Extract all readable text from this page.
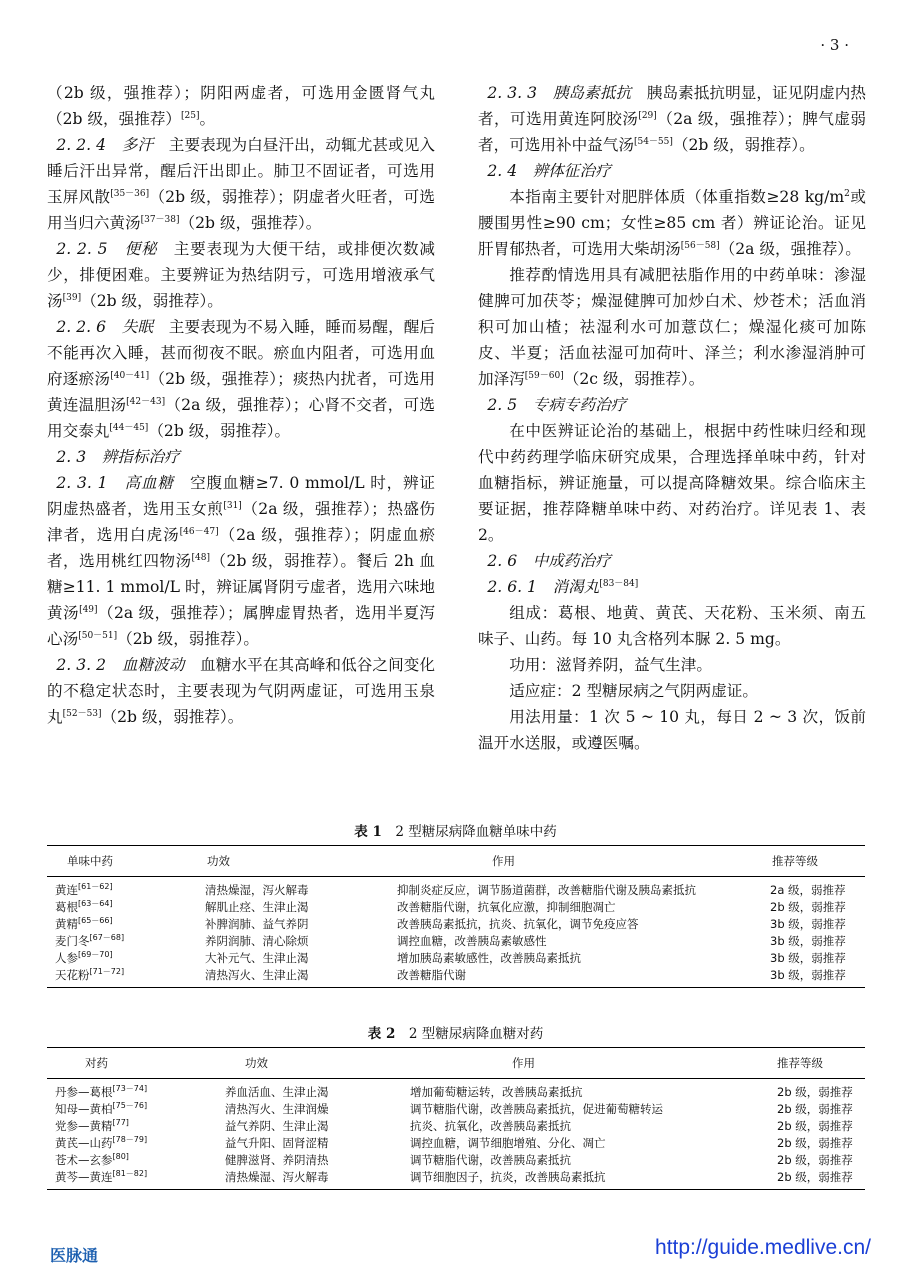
· 3 ·

（2b 级，强推荐）；阴阳两虚者，可选用金匮肾气丸（2b 级，强推荐）[25]。

2. 2. 4　多汗　主要表现为白昼汗出，动辄尤甚或见入睡后汗出异常，醒后汗出即止。肺卫不固证者，可选用玉屏风散[35－36]（2b 级，弱推荐）；阴虚者火旺者，可选用当归六黄汤[37－38]（2b 级，强推荐）。

2. 2. 5　便秘　主要表现为大便干结，或排便次数减少，排便困难。主要辨证为热结阴亏，可选用增液承气汤[39]（2b 级，弱推荐）。

2. 2. 6　失眠　主要表现为不易入睡，睡而易醒，醒后不能再次入睡，甚而彻夜不眠。瘀血内阻者，可选用血府逐瘀汤[40－41]（2b 级，强推荐）；痰热内扰者，可选用黄连温胆汤[42－43]（2a 级，强推荐）；心肾不交者，可选用交泰丸[44－45]（2b 级，弱推荐）。

2. 3　辨指标治疗

2. 3. 1　高血糖　空腹血糖≥7. 0 mmol/L 时，辨证阴虚热盛者，选用玉女煎[31]（2a 级，强推荐）；热盛伤津者，选用白虎汤[46－47]（2a 级，强推荐）；阴虚血瘀者，选用桃红四物汤[48]（2b 级，弱推荐）。餐后 2h 血糖≥11. 1 mmol/L 时，辨证属肾阴亏虚者，选用六味地黄汤[49]（2a 级，强推荐）；属脾虚胃热者，选用半夏泻心汤[50－51]（2b 级，弱推荐）。

2. 3. 2　血糖波动　血糖水平在其高峰和低谷之间变化的不稳定状态时，主要表现为气阴两虚证，可选用玉泉丸[52－53]（2b 级，弱推荐）。

2. 3. 3　胰岛素抵抗　胰岛素抵抗明显，证见阴虚内热者，可选用黄连阿胶汤[29]（2a 级，强推荐）；脾气虚弱者，可选用补中益气汤[54－55]（2b 级，弱推荐）。

2. 4　辨体征治疗

本指南主要针对肥胖体质（体重指数≥28 $kg/m^2$或腰围男性≥90 cm；女性≥85 cm 者）辨证论治。证见肝胃郁热者，可选用大柴胡汤[56－58]（2a 级，强推荐）。

推荐酌情选用具有减肥祛脂作用的中药单味：渗湿健脾可加茯苓；燥湿健脾可加炒白术、炒苍术；活血消积可加山楂；祛湿利水可加薏苡仁；燥湿化痰可加陈皮、半夏；活血祛湿可加荷叶、泽兰；利水渗湿消肿可加泽泻[59－60]（2c 级，弱推荐）。

2. 5　专病专药治疗

在中医辨证论治的基础上，根据中药性味归经和现代中药药理学临床研究成果，合理选择单味中药，针对血糖指标，辨证施量，可以提高降糖效果。综合临床主要证据，推荐降糖单味中药、对药治疗。详见表 1、表 2。

2. 6　中成药治疗

2. 6. 1　消渴丸[83－84]

组成：葛根、地黄、黄芪、天花粉、玉米须、南五味子、山药。每 10 丸含格列本脲 2. 5 mg。

功用：滋肾养阴，益气生津。

适应症：2 型糖尿病之气阴两虚证。

用法用量：1 次 5 ~ 10 丸，每日 2 ~ 3 次，饭前温开水送服，或遵医嘱。

表 1　2 型糖尿病降血糖单味中药
单味中药	功效	作用	推荐等级
黄连[61－62]	清热燥湿，泻火解毒	抑制炎症反应，调节肠道菌群，改善糖脂代谢及胰岛素抵抗	2a 级，弱推荐
葛根[63－64]	解肌止痉、生津止渴	改善糖脂代谢，抗氧化应激，抑制细胞凋亡	2b 级，弱推荐
黄精[65－66]	补脾润肺、益气养阴	改善胰岛素抵抗，抗炎、抗氧化，调节免疫应答	3b 级，弱推荐
麦门冬[67－68]	养阴润肺、清心除烦	调控血糖，改善胰岛素敏感性	3b 级，弱推荐
人参[69－70]	大补元气、生津止渴	增加胰岛素敏感性，改善胰岛素抵抗	3b 级，弱推荐
天花粉[71－72]	清热泻火、生津止渴	改善糖脂代谢	3b 级，弱推荐
表 2　2 型糖尿病降血糖对药
对药	功效	作用	推荐等级
丹参—葛根[73－74]	养血活血、生津止渴	增加葡萄糖运转，改善胰岛素抵抗	2b 级，弱推荐
知母—黄柏[75－76]	清热泻火、生津润燥	调节糖脂代谢，改善胰岛素抵抗，促进葡萄糖转运	2b 级，弱推荐
党参—黄精[77]	益气养阴、生津止渴	抗炎、抗氧化，改善胰岛素抵抗	2b 级，弱推荐
黄芪—山药[78－79]	益气升阳、固肾涩精	调控血糖，调节细胞增殖、分化、凋亡	2b 级，弱推荐
苍术—玄参[80]	健脾滋肾、养阴清热	调节糖脂代谢，改善胰岛素抵抗	2b 级，弱推荐
黄芩—黄连[81－82]	清热燥湿、泻火解毒	调节细胞因子，抗炎，改善胰岛素抵抗	2b 级，弱推荐
医脉通	http://guide.medlive.cn/
